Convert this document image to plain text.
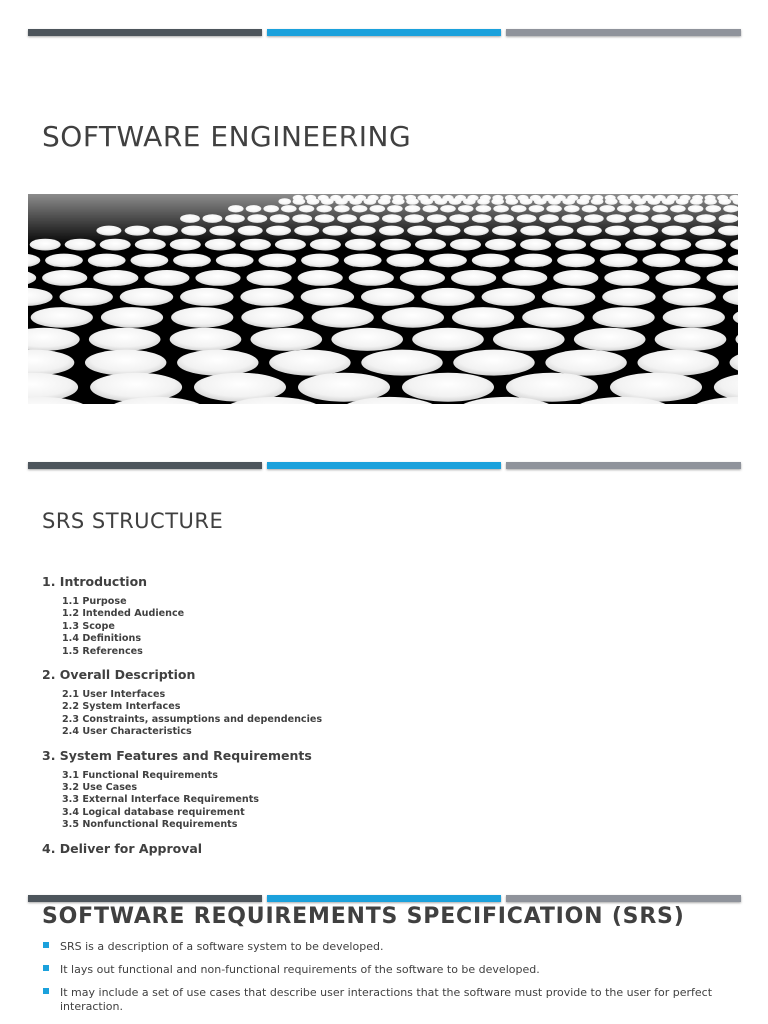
SOFTWARE ENGINEERING
SRS STRUCTURE
1. Introduction
1.1 Purpose
1.2 Intended Audience
1.3 Scope
1.4 Definitions
1.5 References
2. Overall Description
2.1 User Interfaces
2.2 System Interfaces
2.3 Constraints, assumptions and dependencies
2.4 User Characteristics
3. System Features and Requirements
3.1 Functional Requirements
3.2 Use Cases
3.3 External Interface Requirements
3.4 Logical database requirement
3.5 Nonfunctional Requirements
4. Deliver for Approval
SOFTWARE REQUIREMENTS SPECIFICATION (SRS)
SRS is a description of a software system to be developed.
It lays out functional and non-functional requirements of the software to be developed.
It may include a set of use cases that describe user interactions that the software must provide to the user for perfect interaction.
